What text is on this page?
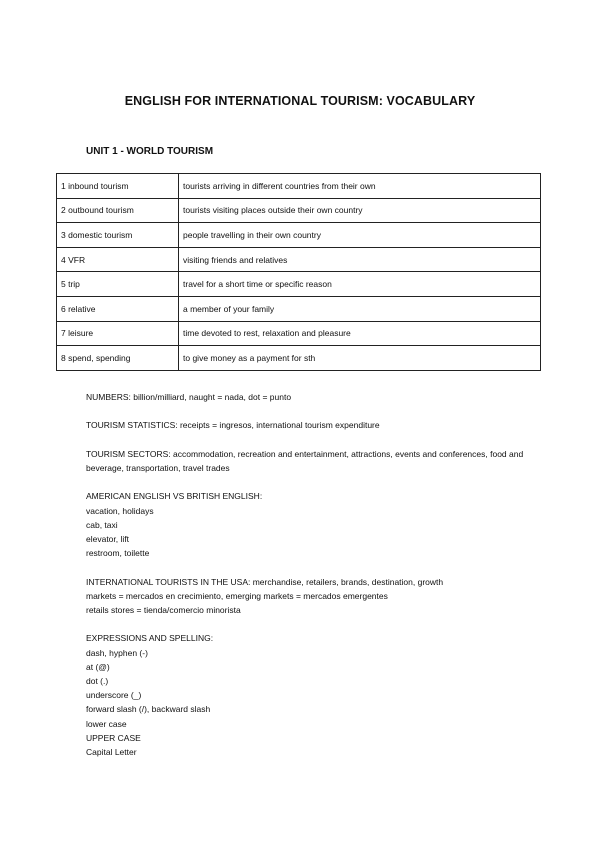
ENGLISH FOR INTERNATIONAL TOURISM: VOCABULARY
UNIT 1 - WORLD TOURISM
1 inbound tourism	tourists arriving in different countries from their own
2 outbound tourism	tourists visiting places outside their own country
3 domestic tourism	people travelling in their own country
4 VFR	visiting friends and relatives
5 trip	travel for a short time or specific reason
6 relative	a member of your family
7 leisure	time devoted to rest, relaxation and pleasure
8 spend, spending	to give money as a payment for sth
NUMBERS: billion/milliard, naught = nada, dot = punto
TOURISM STATISTICS: receipts = ingresos, international tourism expenditure
TOURISM SECTORS: accommodation, recreation and entertainment, attractions, events and conferences, food and beverage, transportation, travel trades
AMERICAN ENGLISH VS BRITISH ENGLISH:
vacation, holidays
cab, taxi
elevator, lift
restroom, toilette
INTERNATIONAL TOURISTS IN THE USA: merchandise, retailers, brands, destination, growth
markets = mercados en crecimiento, emerging markets = mercados emergentes
retails stores = tienda/comercio minorista
EXPRESSIONS AND SPELLING:
dash, hyphen (-)
at (@)
dot (.)
underscore (_)
forward slash (/), backward slash
lower case
UPPER CASE
Capital Letter
